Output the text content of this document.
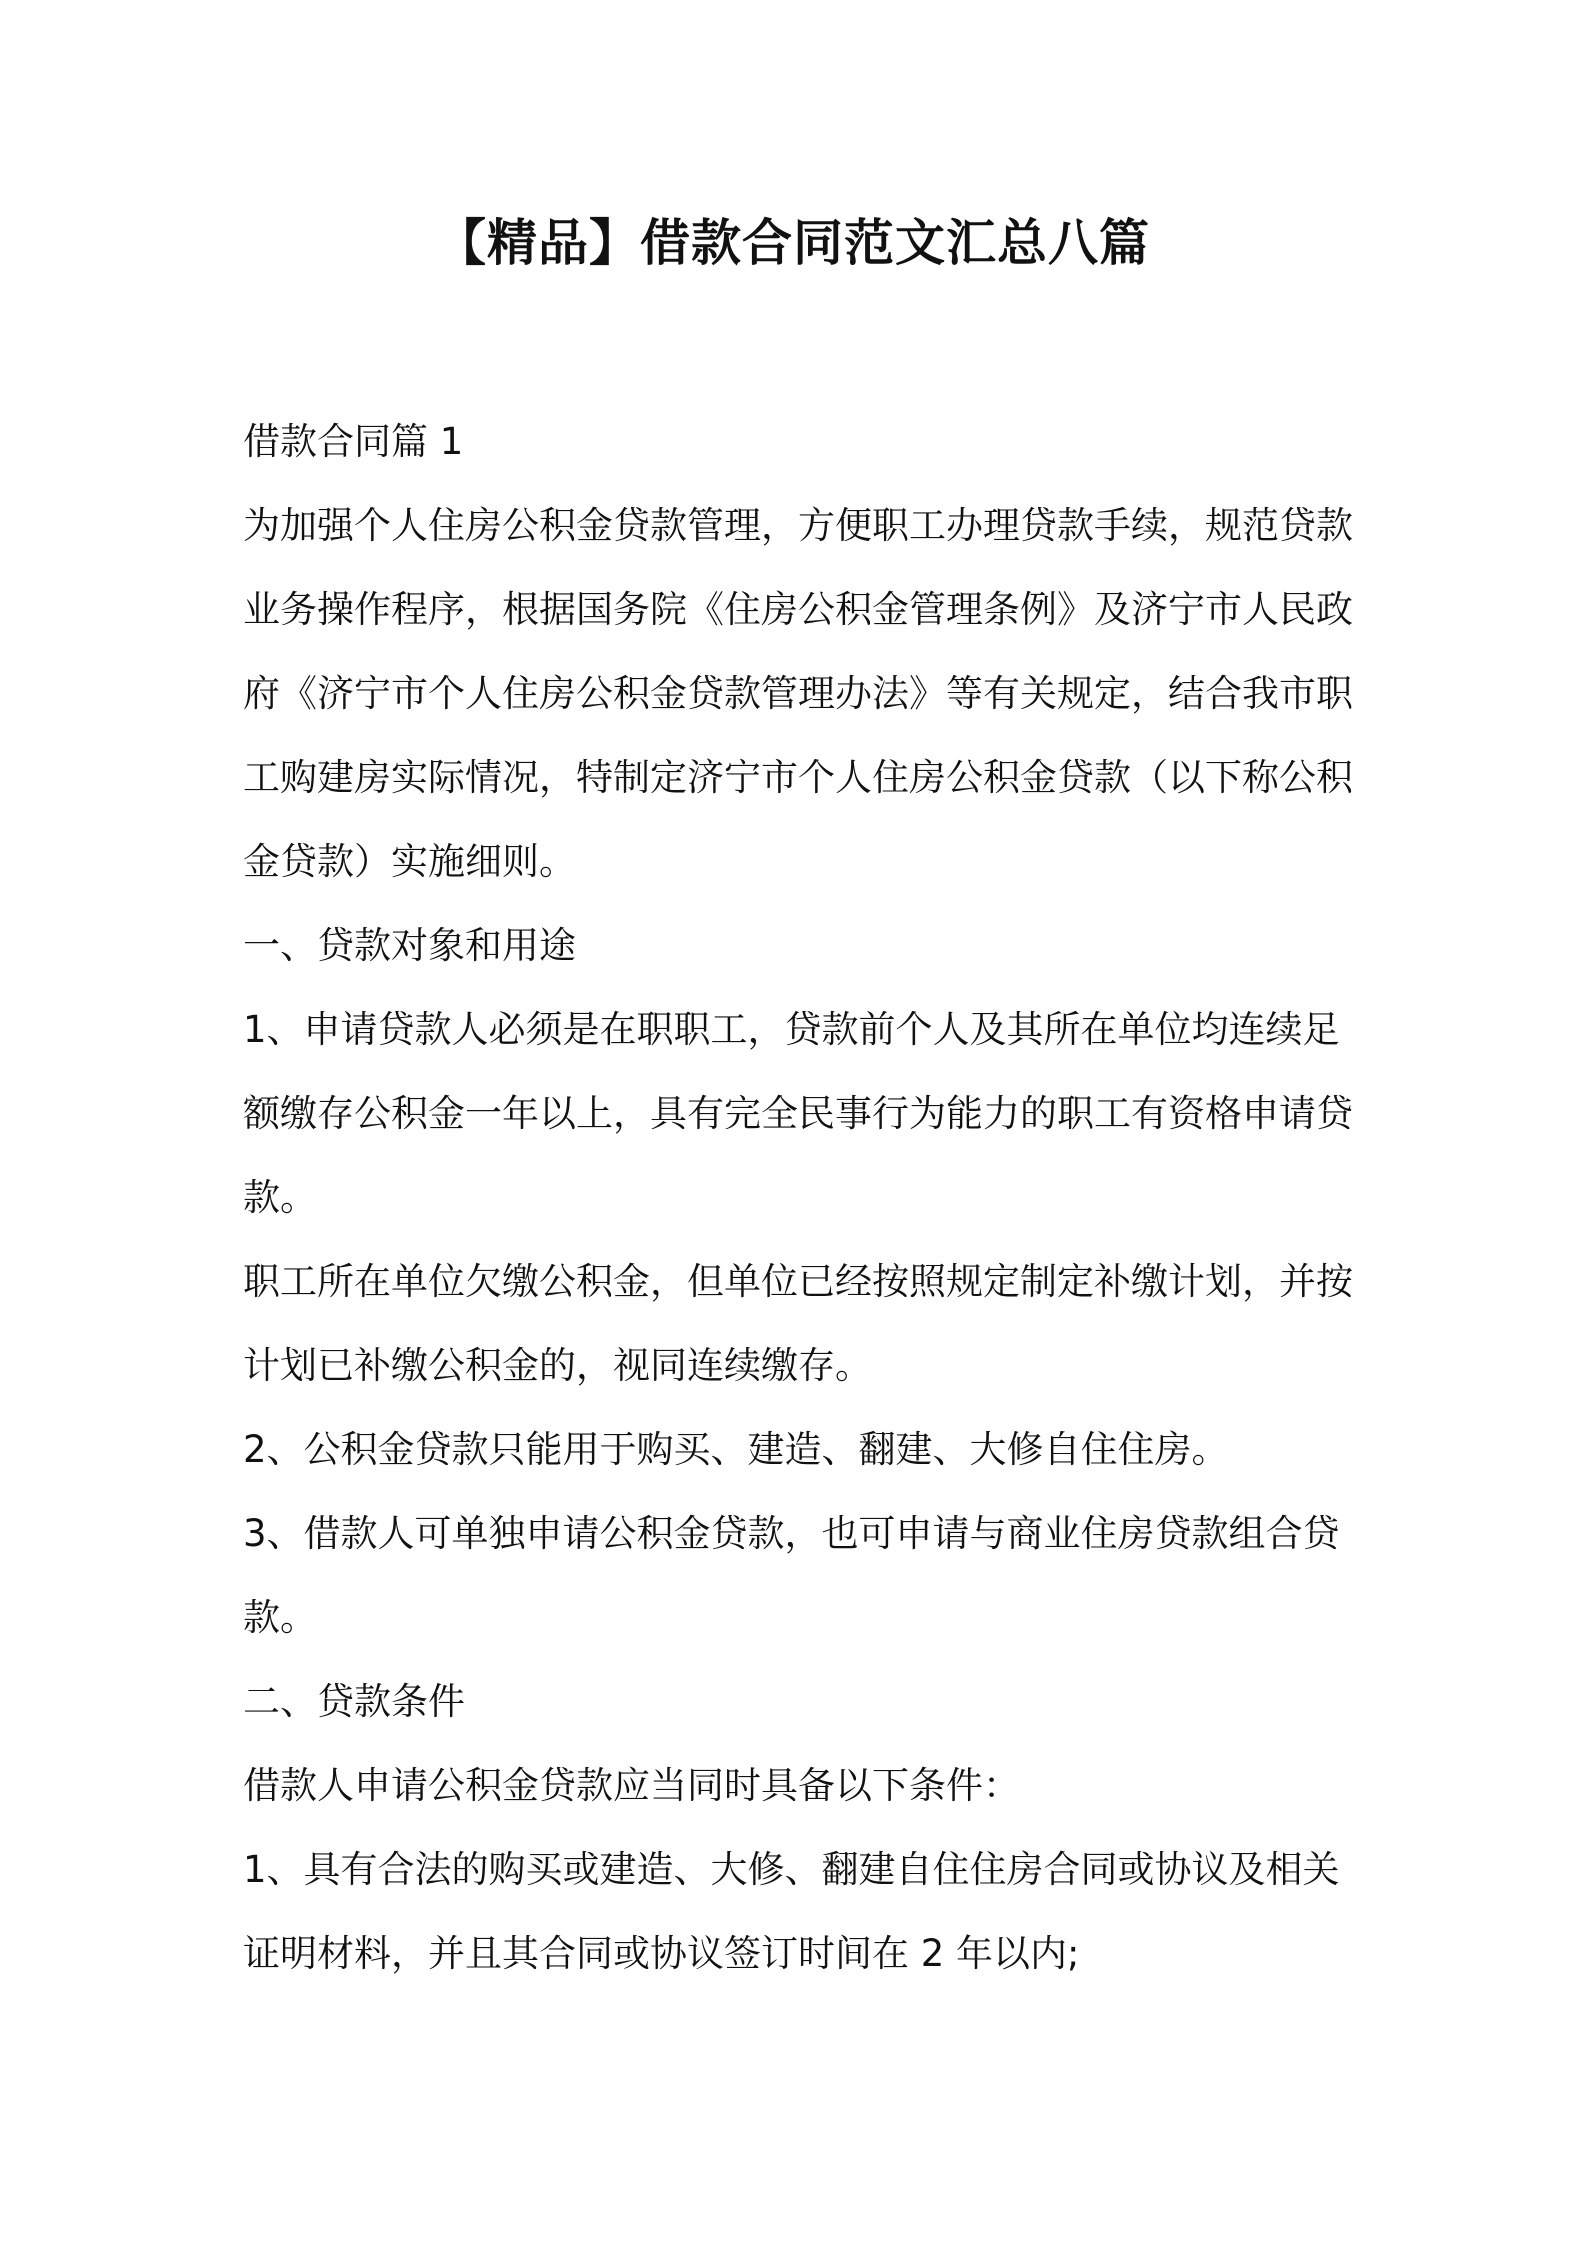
【精品】借款合同范文汇总八篇

借款合同篇 1

为加强个人住房公积金贷款管理，方便职工办理贷款手续，规范贷款

业务操作程序，根据国务院《住房公积金管理条例》及济宁市人民政

府《济宁市个人住房公积金贷款管理办法》等有关规定，结合我市职

工购建房实际情况，特制定济宁市个人住房公积金贷款（以下称公积

金贷款）实施细则。

一、贷款对象和用途

1、申请贷款人必须是在职职工，贷款前个人及其所在单位均连续足

额缴存公积金一年以上，具有完全民事行为能力的职工有资格申请贷

款。

职工所在单位欠缴公积金，但单位已经按照规定制定补缴计划，并按

计划已补缴公积金的，视同连续缴存。

2、公积金贷款只能用于购买、建造、翻建、大修自住住房。

3、借款人可单独申请公积金贷款，也可申请与商业住房贷款组合贷

款。

二、贷款条件

借款人申请公积金贷款应当同时具备以下条件：

1、具有合法的购买或建造、大修、翻建自住住房合同或协议及相关

证明材料，并且其合同或协议签订时间在 2 年以内;
